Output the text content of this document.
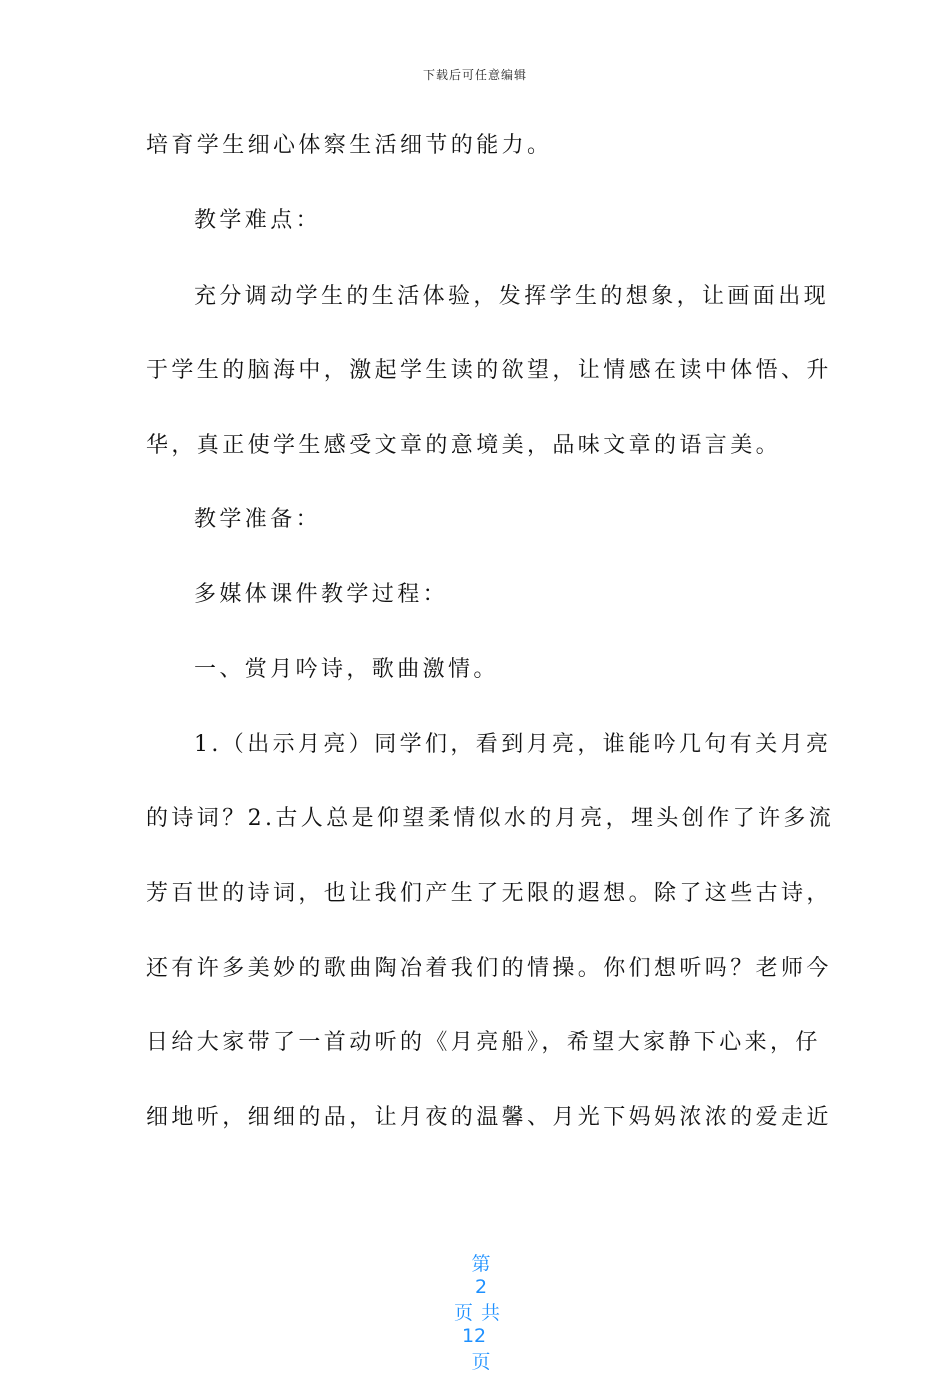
下载后可任意编辑
培育学生细心体察生活细节的能力。
教学难点：
充分调动学生的生活体验，发挥学生的想象，让画面出现
于学生的脑海中，激起学生读的欲望，让情感在读中体悟、升
华，真正使学生感受文章的意境美，品味文章的语言美。
教学准备：
多媒体课件教学过程：
一、赏月吟诗，歌曲激情。
1.（出示月亮）同学们，看到月亮，谁能吟几句有关月亮
的诗词？2.古人总是仰望柔情似水的月亮，埋头创作了许多流
芳百世的诗词，也让我们产生了无限的遐想。除了这些古诗，
还有许多美妙的歌曲陶冶着我们的情操。你们想听吗？老师今
日给大家带了一首动听的《月亮船》，希望大家静下心来，仔
细地听，细细的品，让月夜的温馨、月光下妈妈浓浓的爱走近

第
2
页共
12
页
